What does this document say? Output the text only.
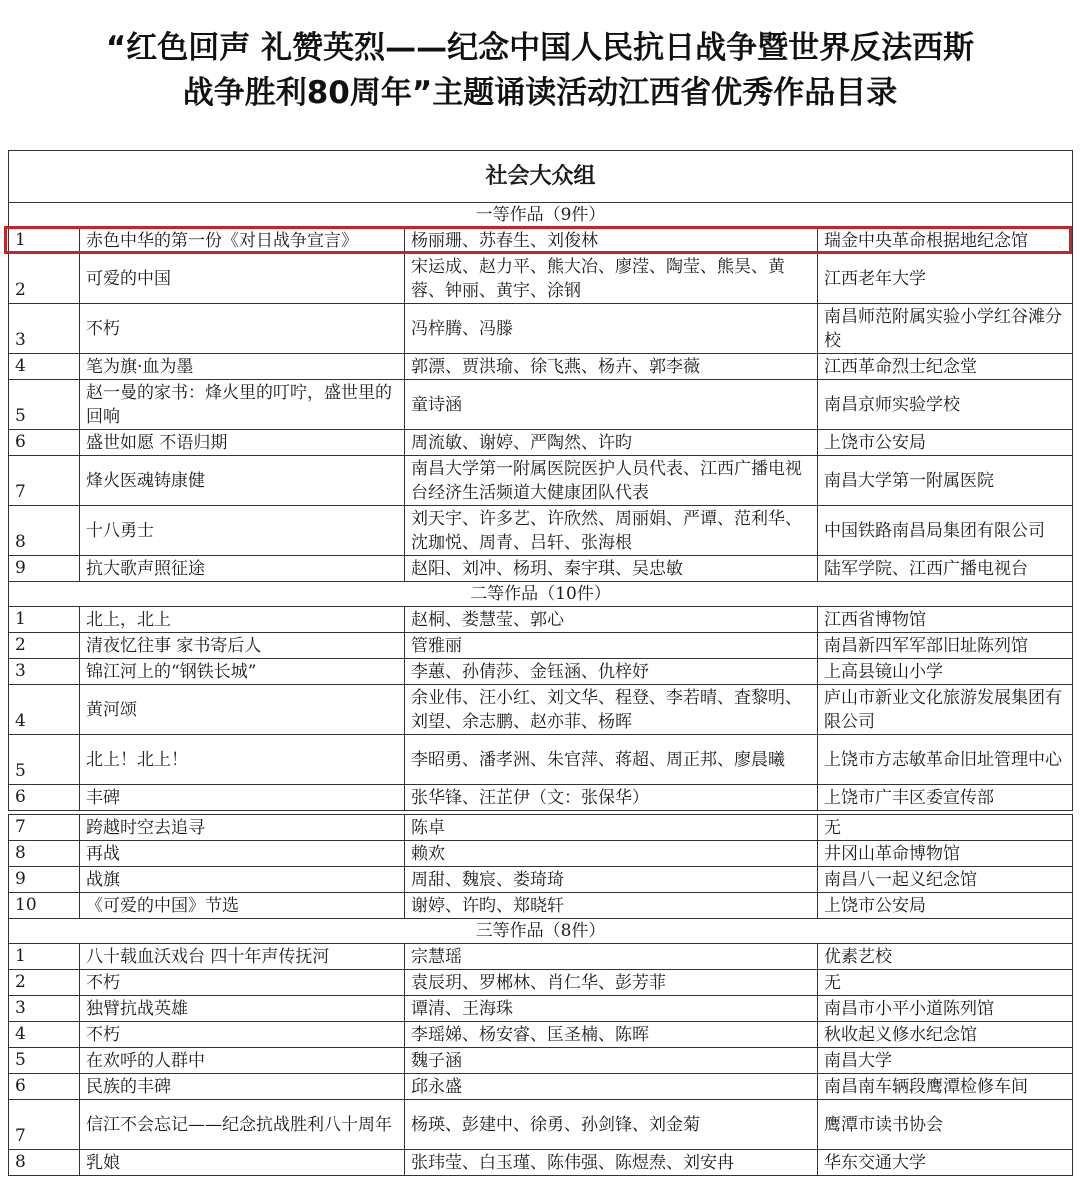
“红色回声 礼赞英烈——纪念中国人民抗日战争暨世界反法西斯
战争胜利80周年”主题诵读活动江西省优秀作品目录
社会大众组			
一等作品（9件）			
1	赤色中华的第一份《对日战争宣言》	杨丽珊、苏春生、刘俊林	瑞金中央革命根据地纪念馆
2	可爱的中国	宋运成、赵力平、熊大冶、廖滢、陶莹、熊昊、黄蓉、钟丽、黄宇、涂钢	江西老年大学
3	不朽	冯梓腾、冯滕	南昌师范附属实验小学红谷滩分校
4	笔为旗·血为墨	郭漂、贾洪瑜、徐飞燕、杨卉、郭李薇	江西革命烈士纪念堂
5	赵一曼的家书：烽火里的叮咛，盛世里的回响	童诗涵	南昌京师实验学校
6	盛世如愿 不语归期	周流敏、谢婷、严陶然、许昀	上饶市公安局
7	烽火医魂铸康健	南昌大学第一附属医院医护人员代表、江西广播电视台经济生活频道大健康团队代表	南昌大学第一附属医院
8	十八勇士	刘天宇、许多艺、许欣然、周丽娟、严谭、范利华、沈珈悦、周青、吕轩、张海根	中国铁路南昌局集团有限公司
9	抗大歌声照征途	赵阳、刘冲、杨玥、秦宇琪、吴忠敏	陆军学院、江西广播电视台
二等作品（10件）			
1	北上，北上	赵桐、娄慧莹、郭心	江西省博物馆
2	清夜忆往事 家书寄后人	管雅丽	南昌新四军军部旧址陈列馆
3	锦江河上的“钢铁长城”	李蕙、孙倩莎、金钰涵、仇梓妤	上高县镜山小学
4	黄河颂	余业伟、汪小红、刘文华、程登、李若晴、査黎明、刘望、余志鹏、赵亦菲、杨晖	庐山市新业文化旅游发展集团有限公司
5	北上！北上！	李昭勇、潘孝洲、朱官萍、蒋超、周正邦、廖晨曦	上饶市方志敏革命旧址管理中心
6	丰碑	张华锋、汪芷伊（文：张保华）	上饶市广丰区委宣传部
7	跨越时空去追寻	陈卓	无
8	再战	赖欢	井冈山革命博物馆
9	战旗	周甜、魏宸、娄琦琦	南昌八一起义纪念馆
10	《可爱的中国》节选	谢婷、许昀、郑晓轩	上饶市公安局
三等作品（8件）			
1	八十载血沃戏台 四十年声传抚河	宗慧瑶	优素艺校
2	不朽	袁辰玥、罗郴林、肖仁华、彭芳菲	无
3	独臂抗战英雄	谭清、王海珠	南昌市小平小道陈列馆
4	不朽	李瑶娣、杨安睿、匡圣楠、陈晖	秋收起义修水纪念馆
5	在欢呼的人群中	魏子涵	南昌大学
6	民族的丰碑	邱永盛	南昌南车辆段鹰潭检修车间
7	信江不会忘记——纪念抗战胜利八十周年	杨瑛、彭建中、徐勇、孙剑锋、刘金菊	鹰潭市读书协会
8	乳娘	张玮莹、白玉瑾、陈伟强、陈煜焘、刘安冉	华东交通大学
